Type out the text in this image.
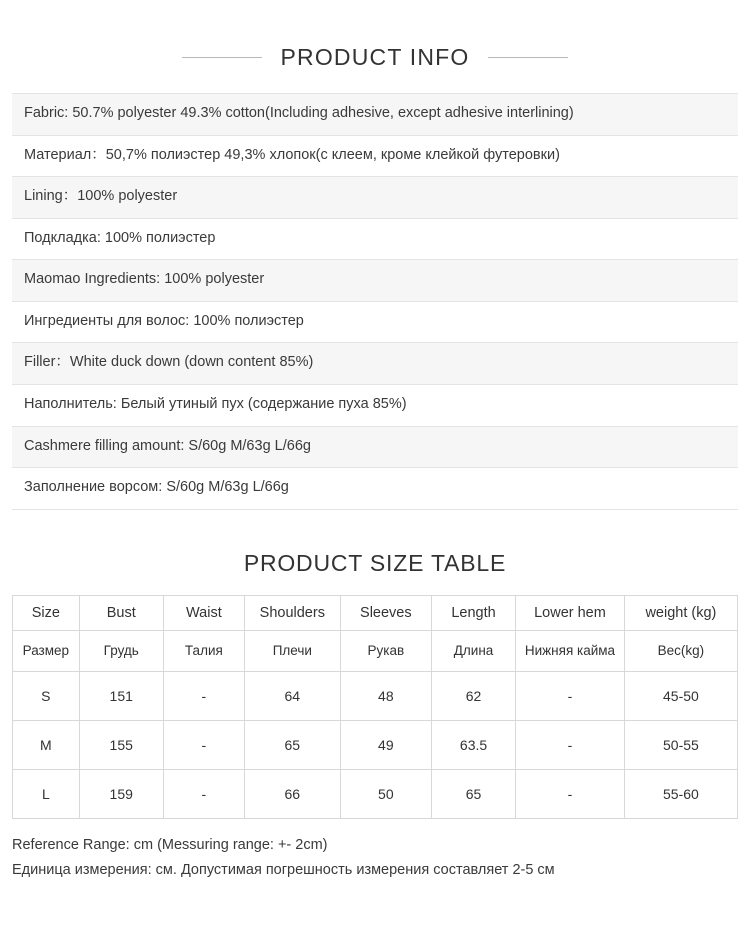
PRODUCT INFO
Fabric: 50.7% polyester 49.3% cotton(Including adhesive, except adhesive interlining)
Материал：50,7% полиэстер 49,3% хлопок(с клеем, кроме клейкой футеровки)
Lining：100% polyester
Подкладка: 100% полиэстер
Maomao Ingredients: 100% polyester
Ингредиенты для волос: 100% полиэстер
Filler：White duck down (down content 85%)
Наполнитель: Белый утиный пух (содержание пуха 85%)
Cashmere filling amount: S/60g M/63g L/66g
Заполнение ворсом: S/60g M/63g L/66g
PRODUCT SIZE TABLE
Size	Bust	Waist	Shoulders	Sleeves	Length	Lower hem	weight (kg)
Размер	Грудь	Талия	Плечи	Рукав	Длина	Нижняя кайма	Вес(kg)
S	151	-	64	48	62	-	45-50
M	155	-	65	49	63.5	-	50-55
L	159	-	66	50	65	-	55-60
Reference Range: cm (Messuring range: +- 2cm)
Единица измерения: см. Допустимая погрешность измерения составляет 2-5 см
